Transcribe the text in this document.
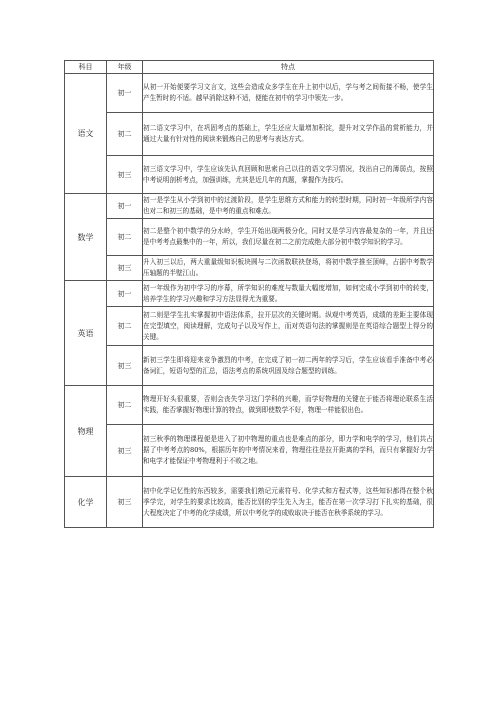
科目	年级	特点
语文	初一	从初一开始便要学习文言文，这些会造成众多学生在升上初中以后，学与考之间衔接不畅，使学生产生暂时的不适。越早消除这种不适，便能在初中的学习中领先一步。
	初二	初二语文学习中，在巩固考点的基础上，学生还应大量增加积淀，提升对文学作品的赏析能力，并通过大量有针对性的阅读来锻炼自己的思考与表达方式。
	初三	初三语文学习中，学生应该先认真回顾和思索自己以往的语文学习情况，找出自己的薄弱点，按照中考说明剖析考点，加强训练，尤其是近几年的真题，掌握作为技巧。
数学	初一	初一是学生从小学到初中的过渡阶段，是学生思维方式和能力的转型时期，同时初一年级所学内容也对二和初三的基础，是中考的重点和难点。
	初二	初二是整个初中数学的分水岭，学生开始出现两极分化，同时又是学习内容最复杂的一年，并且还是中考考点最集中的一年，所以，我们尽量在初二之前完成绝大部分初中数学知识的学习。
	初三	升入初三以后，两大重量级知识板块圆与二次函数联袂登场，将初中数学推至顶峰，占据中考数学压轴题的半壁江山。
英语	初一	初一年级作为初中学习的序幕，所学知识的难度与数量大幅度增加，如何完成小学到初中的转变，培养学生的学习兴趣和学习方法显得尤为重要。
	初二	初二则是学生扎实掌握初中语法体系，拉开层次的关键时期。纵观中考英语，成绩的差距主要体现在完型填空，阅读理解，完成句子以及写作上，而对英语句法的掌握则是在英语综合题型上得分的关键。
	初三	新初三学生即将迎来竞争激烈的中考，在完成了初一初二两年的学习后，学生应该看手准备中考必备词汇，短语句型的汇总，语法考点的系统巩固及综合题型的训练。
物理	初二	物理开好头很重要，否则会丧失学习这门学科的兴趣，而学好物理的关键在于能否将理论联系生活实践，能否掌握好物理计算的特点，做到即使数学不好，物理一样能很出色。
	初三	初三秋季的物理课程便是进入了初中物理的重点也是难点的部分，即力学和电学的学习，他们共占据了中考考点的80%，根据历年的中考情况来看，物理往往是拉开距离的学科，而只有掌握好力学和电学才能保证中考物理利于不败之地。
化学	初三	初中化学记忆性的东西较多，需要我们熟记元素符号、化学式和方程式等，这些知识都得在整个秋季学完，对学生的要求比较高，能否比别的学生先入为主，能否在第一次学习打下扎实的基础，很大程度决定了中考的化学成绩，所以中考化学的成败取决于能否在秋季系统的学习。
